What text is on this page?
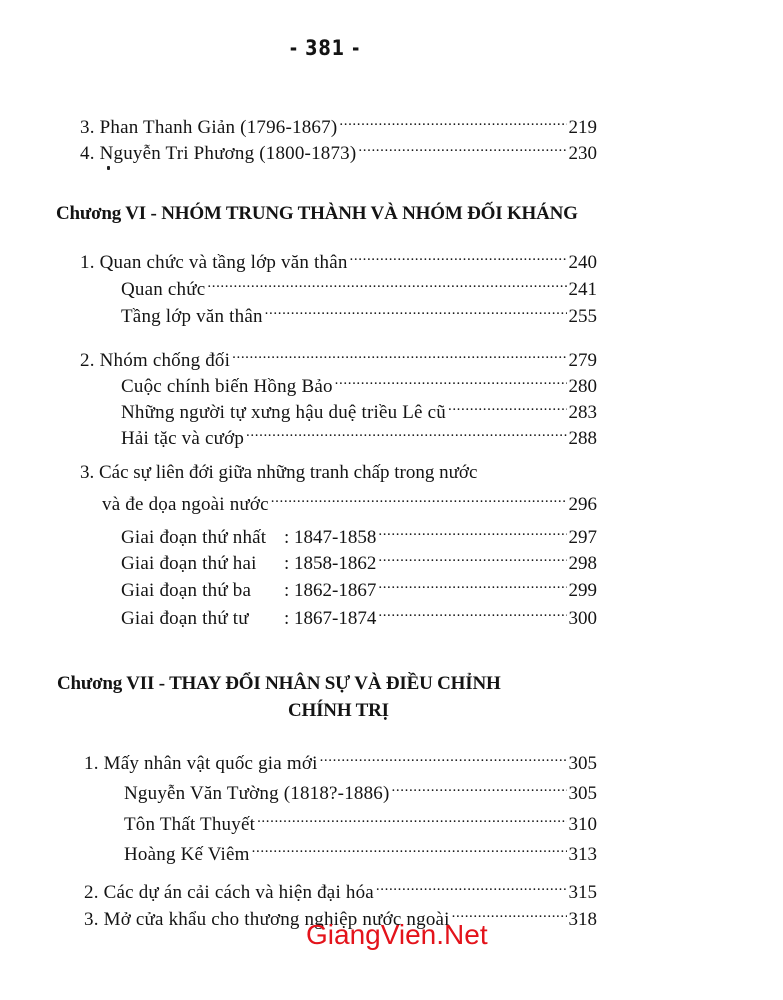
- 381 -
3. Phan Thanh Giản (1796-1867) .....	219
4. Nguyễn Tri Phương (1800-1873) .....	230
Chương VI - NHÓM TRUNG THÀNH VÀ NHÓM ĐỐI KHÁNG
1. Quan chức và tầng lớp văn thân .....	240
Quan chức .....	241
Tầng lớp văn thân .....	255
2. Nhóm chống đối .....	279
Cuộc chính biến Hồng Bảo .....	280
Những người tự xưng hậu duệ triều Lê cũ .....	283
Hải tặc và cướp .....	288
3. Các sự liên đới giữa những tranh chấp trong nước
và đe dọa ngoài nước .....	296
Giai đoạn thứ nhất : 1847-1858 .....	297
Giai đoạn thứ hai	: 1858-1862 .....	298
Giai đoạn thứ ba	: 1862-1867 .....	299
Giai đoạn thứ tư	: 1867-1874 .....	300
Chương VII - THAY ĐỔI NHÂN SỰ VÀ ĐIỀU CHỈNH
CHÍNH TRỊ
1. Mấy nhân vật quốc gia mới .....	305
Nguyễn Văn Tường (1818?-1886) .....	305
Tôn Thất Thuyết .....	310
Hoàng Kế Viêm .....	313
2. Các dự án cải cách và hiện đại hóa .....	315
3. Mở cửa khẩu cho thương nghiệp nước ngoài .....	318
GiangVien.Net
